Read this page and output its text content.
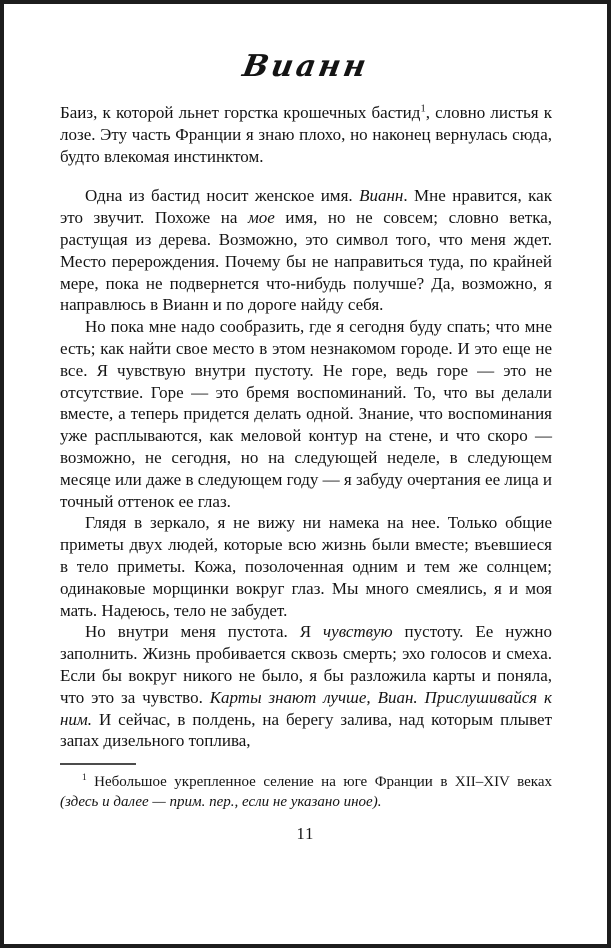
Вианн

Баиз, к которой льнет горстка крошечных бастид$^1$, словно листья к лозе. Эту часть Франции я знаю плохо, но наконец вернулась сюда, будто влекомая инстинктом.

Одна из бастид носит женское имя. Вианн. Мне нравится, как это звучит. Похоже на мое имя, но не совсем; словно ветка, растущая из дерева. Возможно, это символ того, что меня ждет. Место перерождения. Почему бы не направиться туда, по крайней мере, пока не подвернется что-нибудь получше? Да, возможно, я направлюсь в Вианн и по дороге найду себя.

Но пока мне надо сообразить, где я сегодня буду спать; что мне есть; как найти свое место в этом незнакомом городе. И это еще не все. Я чувствую внутри пустоту. Не горе, ведь горе — это не отсутствие. Горе — это бремя воспоминаний. То, что вы делали вместе, а теперь придется делать одной. Знание, что воспоминания уже расплываются, как меловой контур на стене, и что скоро — возможно, не сегодня, но на следующей неделе, в следующем месяце или даже в следующем году — я забуду очертания ее лица и точный оттенок ее глаз.

Глядя в зеркало, я не вижу ни намека на нее. Только общие приметы двух людей, которые всю жизнь были вместе; въевшиеся в тело приметы. Кожа, позолоченная одним и тем же солнцем; одинаковые морщинки вокруг глаз. Мы много смеялись, я и моя мать. Надеюсь, тело не забудет.

Но внутри меня пустота. Я чувствую пустоту. Ее нужно заполнить. Жизнь пробивается сквозь смерть; эхо голосов и смеха. Если бы вокруг никого не было, я бы разложила карты и поняла, что это за чувство. Карты знают лучше, Виан. Прислушивайся к ним. И сейчас, в полдень, на берегу залива, над которым плывет запах дизельного топлива,

$^1$ Небольшое укрепленное селение на юге Франции в XII–XIV веках (здесь и далее — прим. пер., если не указано иное).

11
